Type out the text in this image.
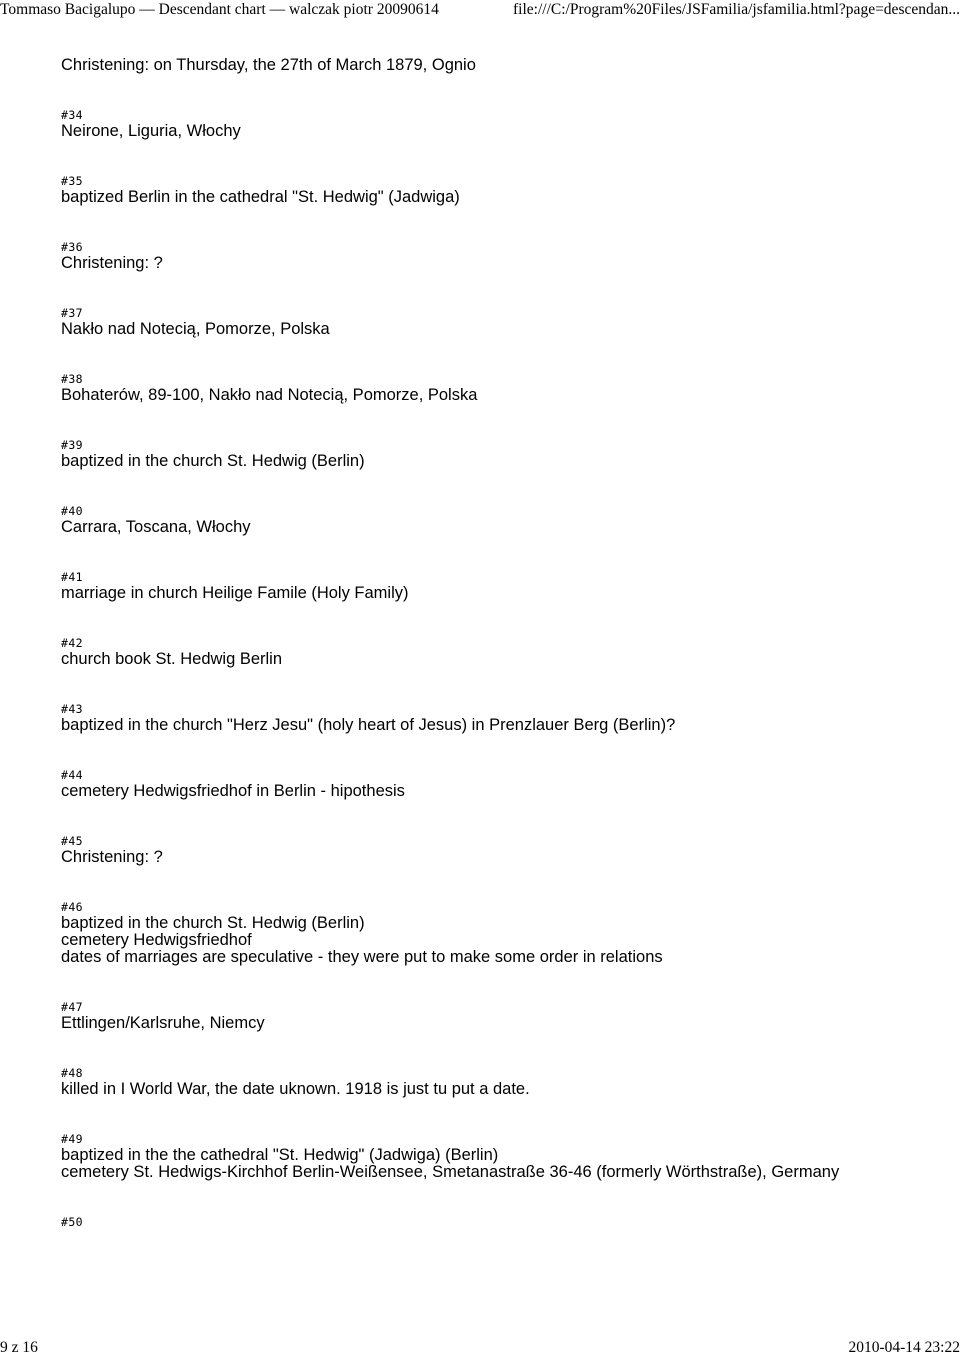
Tommaso Bacigalupo — Descendant chart — walczak piotr 20090614	file:///C:/Program%20Files/JSFamilia/jsfamilia.html?page=descendan...
Christening: on Thursday, the 27th of March 1879, Ognio
#34
Neirone, Liguria, Włochy
#35
baptized Berlin in the cathedral "St. Hedwig" (Jadwiga)
#36
Christening: ?
#37
Nakło nad Notecią, Pomorze, Polska
#38
Bohaterów, 89-100, Nakło nad Notecią, Pomorze, Polska
#39
baptized in the church St. Hedwig (Berlin)
#40
Carrara, Toscana, Włochy
#41
marriage in church Heilige Famile (Holy Family)
#42
church book St. Hedwig Berlin
#43
baptized in the church "Herz Jesu" (holy heart of Jesus) in Prenzlauer Berg (Berlin)?
#44
cemetery Hedwigsfriedhof in Berlin - hipothesis
#45
Christening: ?
#46
baptized in the church St. Hedwig (Berlin)
cemetery Hedwigsfriedhof
dates of marriages are speculative - they were put to make some order in relations
#47
Ettlingen/Karlsruhe, Niemcy
#48
killed in I World War, the date uknown. 1918 is just tu put a date.
#49
baptized in the the cathedral "St. Hedwig" (Jadwiga) (Berlin)
cemetery St. Hedwigs-Kirchhof Berlin-Weißensee, Smetanastraße 36-46 (formerly Wörthstraße), Germany
#50
9 z 16	2010-04-14 23:22
